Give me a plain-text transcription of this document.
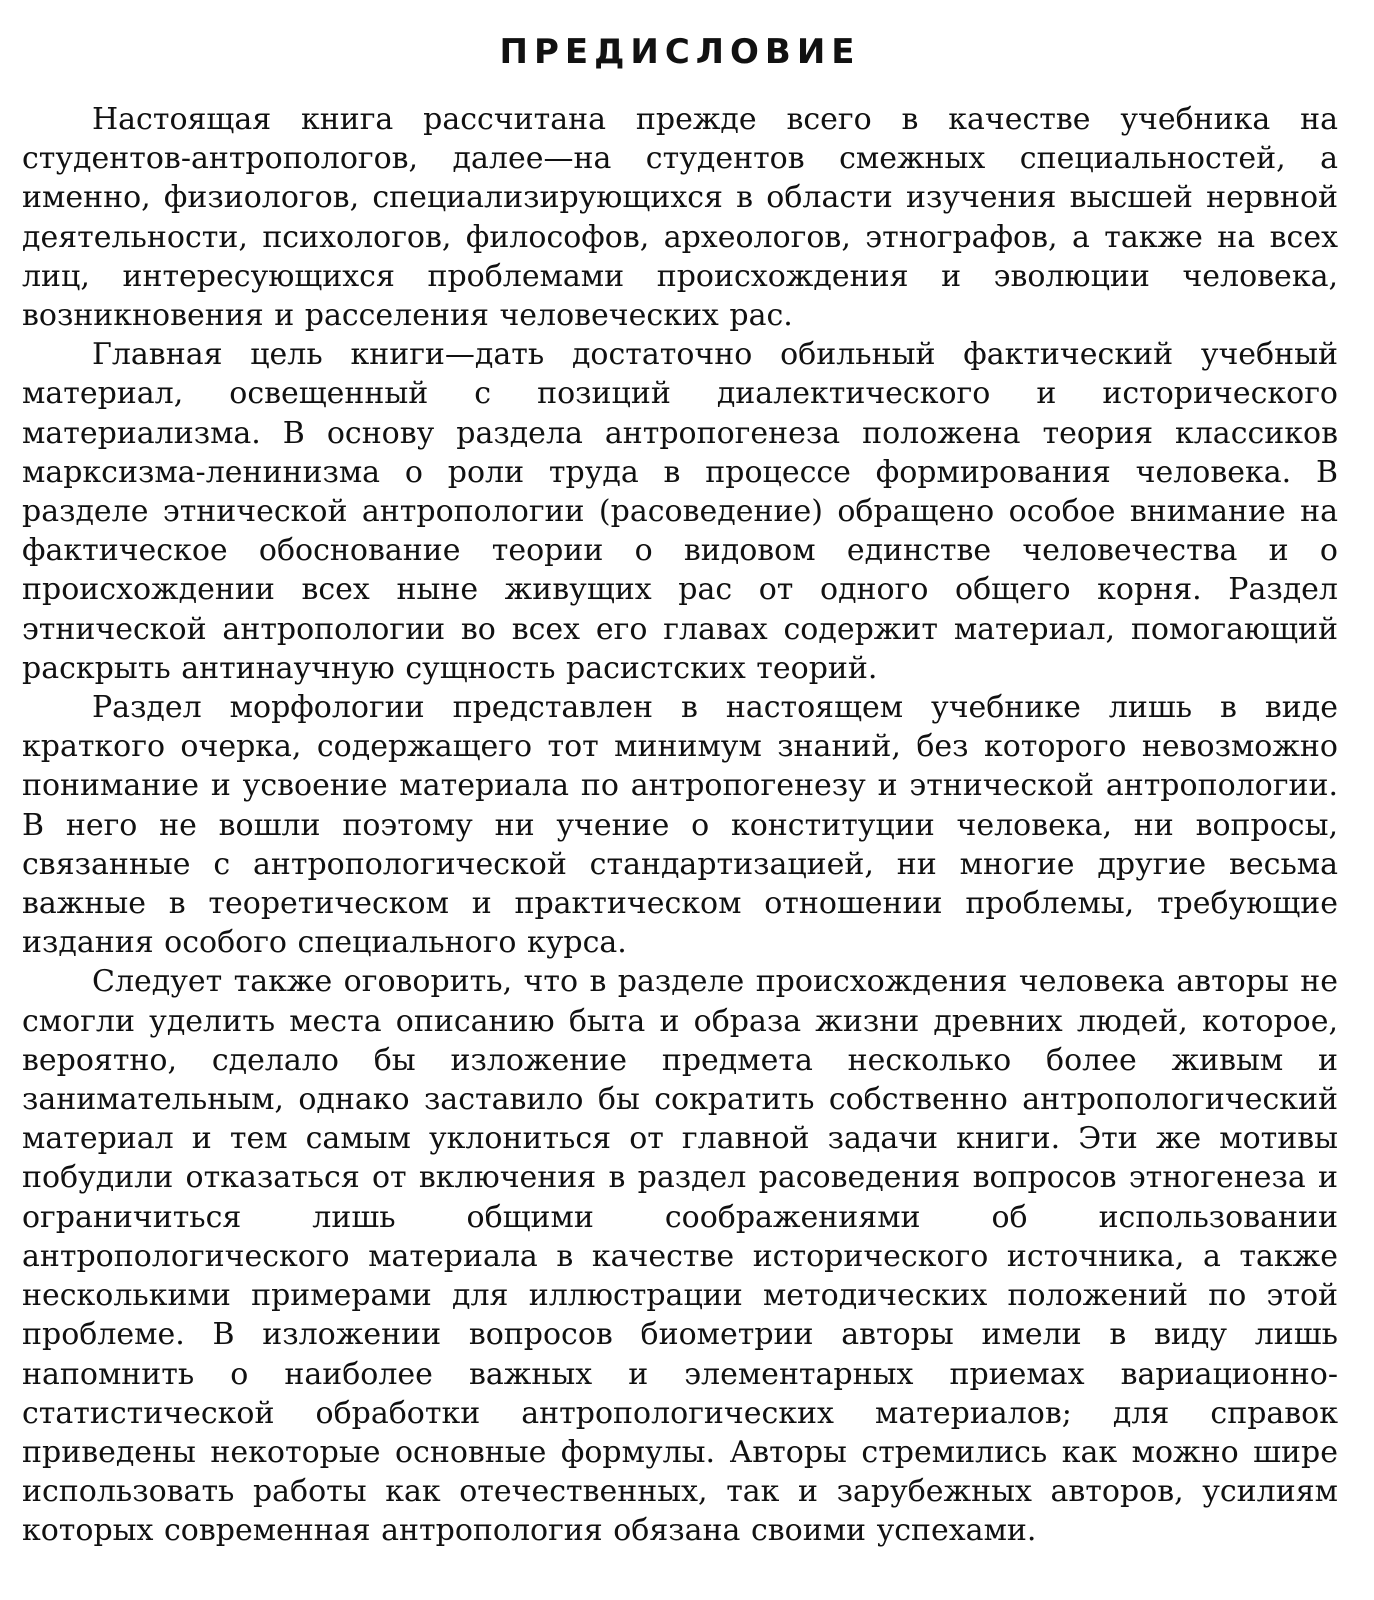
ПРЕДИСЛОВИЕ

Настоящая книга рассчитана прежде всего в качестве учебника на студентов-антропологов, далее—на студентов смежных специальностей, а именно, физиологов, специализирующихся в области изучения высшей нервной деятельности, психологов, философов, археологов, этнографов, а также на всех лиц, интересующихся проблемами происхождения и эволюции человека, возникновения и расселения человеческих рас.

Главная цель книги—дать достаточно обильный фактический учебный материал, освещенный с позиций диалектического и исторического материализма. В основу раздела антропогенеза положена теория классиков марксизма-ленинизма о роли труда в процессе формирования человека. В разделе этнической антропологии (расоведение) обращено особое внимание на фактическое обоснование теории о видовом единстве человечества и о происхождении всех ныне живущих рас от одного общего корня. Раздел этнической антропологии во всех его главах содержит материал, помогающий раскрыть антинаучную сущность расистских теорий.

Раздел морфологии представлен в настоящем учебнике лишь в виде краткого очерка, содержащего тот минимум знаний, без которого невозможно понимание и усвоение материала по антропогенезу и этнической антропологии. В него не вошли поэтому ни учение о конституции человека, ни вопросы, связанные с антропологической стандартизацией, ни многие другие весьма важные в теоретическом и практическом отношении проблемы, требующие издания особого специального курса.

Следует также оговорить, что в разделе происхождения человека авторы не смогли уделить места описанию быта и образа жизни древних людей, которое, вероятно, сделало бы изложение предмета несколько более живым и занимательным, однако заставило бы сократить собственно антропологический материал и тем самым уклониться от главной задачи книги. Эти же мотивы побудили отказаться от включения в раздел расоведения вопросов этногенеза и ограничиться лишь общими соображениями об использовании антропологического материала в качестве исторического источника, а также несколькими примерами для иллюстрации методических положений по этой проблеме. В изложении вопросов биометрии авторы имели в виду лишь напомнить о наиболее важных и элементарных приемах вариационно-статистической обработки антропологических материалов; для справок приведены некоторые основные формулы. Авторы стремились как можно шире использовать работы как отечественных, так и зарубежных авторов, усилиям которых современная антропология обязана своими успехами.
